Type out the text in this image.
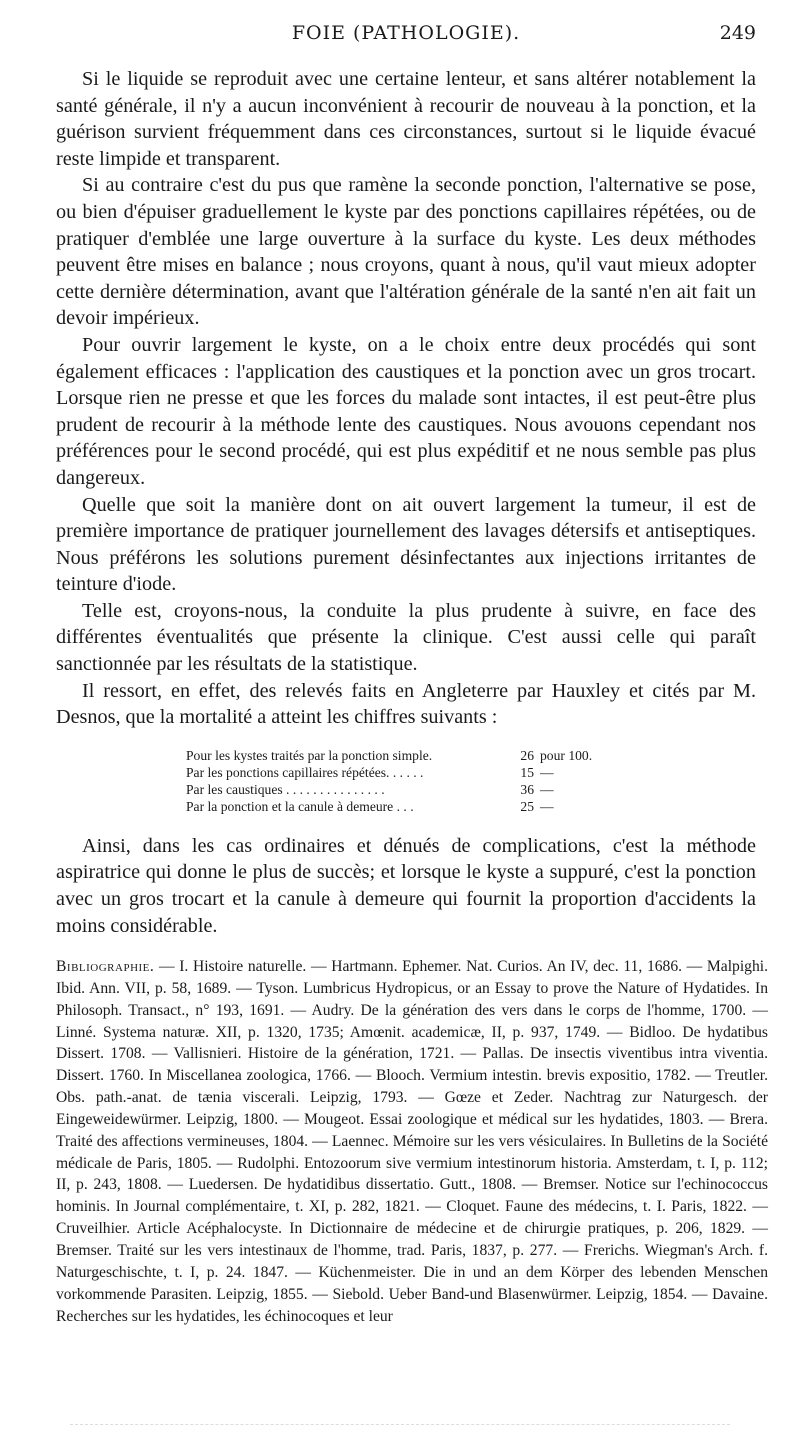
FOIE (PATHOLOGIE).	249

Si le liquide se reproduit avec une certaine lenteur, et sans altérer notablement la santé générale, il n'y a aucun inconvénient à recourir de nouveau à la ponction, et la guérison survient fréquemment dans ces circonstances, surtout si le liquide évacué reste limpide et transparent.

Si au contraire c'est du pus que ramène la seconde ponction, l'alternative se pose, ou bien d'épuiser graduellement le kyste par des ponctions capillaires répétées, ou de pratiquer d'emblée une large ouverture à la surface du kyste. Les deux méthodes peuvent être mises en balance ; nous croyons, quant à nous, qu'il vaut mieux adopter cette dernière détermination, avant que l'altération générale de la santé n'en ait fait un devoir impérieux.

Pour ouvrir largement le kyste, on a le choix entre deux procédés qui sont également efficaces : l'application des caustiques et la ponction avec un gros trocart. Lorsque rien ne presse et que les forces du malade sont intactes, il est peut-être plus prudent de recourir à la méthode lente des caustiques. Nous avouons cependant nos préférences pour le second procédé, qui est plus expéditif et ne nous semble pas plus dangereux.

Quelle que soit la manière dont on ait ouvert largement la tumeur, il est de première importance de pratiquer journellement des lavages détersifs et antiseptiques. Nous préférons les solutions purement désinfectantes aux injections irritantes de teinture d'iode.

Telle est, croyons-nous, la conduite la plus prudente à suivre, en face des différentes éventualités que présente la clinique. C'est aussi celle qui paraît sanctionnée par les résultats de la statistique.

Il ressort, en effet, des relevés faits en Angleterre par Hauxley et cités par M. Desnos, que la mortalité a atteint les chiffres suivants :

Pour les kystes traités par la ponction simple.	26 pour 100.
Par les ponctions capillaires répétées. . . . . .	15 —
Par les caustiques . . . . . . . . . . . . . . .	36 —
Par la ponction et la canule à demeure . . .	25 —

Ainsi, dans les cas ordinaires et dénués de complications, c'est la méthode aspiratrice qui donne le plus de succès; et lorsque le kyste a suppuré, c'est la ponction avec un gros trocart et la canule à demeure qui fournit la proportion d'accidents la moins considérable.

Bibliographie. — I. Histoire naturelle. — Hartmann. Ephemer. Nat. Curios. An IV, dec. 11, 1686. — Malpighi. Ibid. Ann. VII, p. 58, 1689. — Tyson. Lumbricus Hydropicus, or an Essay to prove the Nature of Hydatides. In Philosoph. Transact., n° 193, 1691. — Audry. De la génération des vers dans le corps de l'homme, 1700. — Linné. Systema naturæ. XII, p. 1320, 1735; Amœnit. academicæ, II, p. 937, 1749. — Bidloo. De hydatibus Dissert. 1708. — Vallisnieri. Histoire de la génération, 1721. — Pallas. De insectis viventibus intra viventia. Dissert. 1760. In Miscellanea zoologica, 1766. — Blooch. Vermium intestin. brevis expositio, 1782. — Treutler. Obs. path.-anat. de tænia viscerali. Leipzig, 1793. — Gœze et Zeder. Nachtrag zur Naturgesch. der Eingeweidewürmer. Leipzig, 1800. — Mougeot. Essai zoologique et médical sur les hydatides, 1803. — Brera. Traité des affections vermineuses, 1804. — Laennec. Mémoire sur les vers vésiculaires. In Bulletins de la Société médicale de Paris, 1805. — Rudolphi. Entozoorum sive vermium intestinorum historia. Amsterdam, t. I, p. 112; II, p. 243, 1808. — Luedersen. De hydatidibus dissertatio. Gutt., 1808. — Bremser. Notice sur l'echinococcus hominis. In Journal complémentaire, t. XI, p. 282, 1821. — Cloquet. Faune des médecins, t. I. Paris, 1822. — Cruveilhier. Article Acéphalocyste. In Dictionnaire de médecine et de chirurgie pratiques, p. 206, 1829. — Bremser. Traité sur les vers intestinaux de l'homme, trad. Paris, 1837, p. 277. — Frerichs. Wiegman's Arch. f. Naturgeschischte, t. I, p. 24. 1847. — Küchenmeister. Die in und an dem Körper des lebenden Menschen vorkommende Parasiten. Leipzig, 1855. — Siebold. Ueber Band-und Blasenwürmer. Leipzig, 1854. — Davaine. Recherches sur les hydatides, les échinocoques et leur
